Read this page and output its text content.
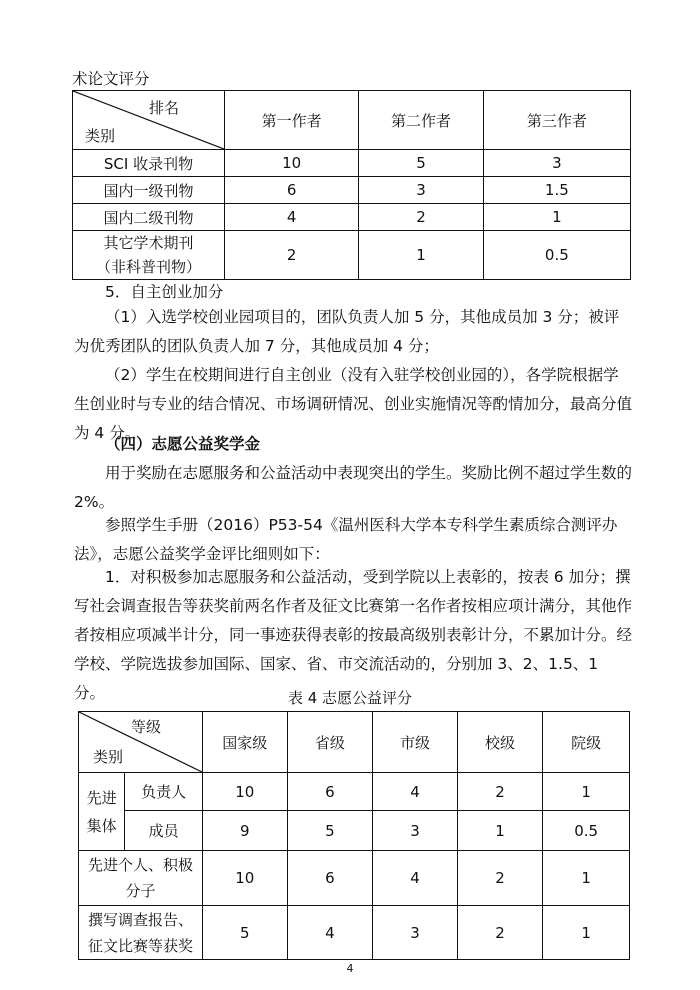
术论文评分
排名
类别	第一作者	第二作者	第三作者
SCI 收录刊物	10	5	3
国内一级刊物	6	3	1.5
国内二级刊物	4	2	1

其它学术期刊
（非科普刊物）	2	1	0.5
5．自主创业加分
（1）入选学校创业园项目的，团队负责人加 5 分，其他成员加 3 分；被评为优秀团队的团队负责人加 7 分，其他成员加 4 分；
（2）学生在校期间进行自主创业（没有入驻学校创业园的），各学院根据学生创业时与专业的结合情况、市场调研情况、创业实施情况等酌情加分，最高分值为 4 分。
（四）志愿公益奖学金
用于奖励在志愿服务和公益活动中表现突出的学生。奖励比例不超过学生数的 2%。
参照学生手册（2016）P53-54《温州医科大学本专科学生素质综合测评办法》，志愿公益奖学金评比细则如下：
1．对积极参加志愿服务和公益活动，受到学院以上表彰的，按表 6 加分；撰写社会调查报告等获奖前两名作者及征文比赛第一名作者按相应项计满分，其他作者按相应项减半计分，同一事迹获得表彰的按最高级别表彰计分，不累加计分。经学校、学院选拔参加国际、国家、省、市交流活动的，分别加 3、2、1.5、1 分。	表 4 志愿公益评分
等级
类别		国家级	省级	市级	校级	院级

先进
集体	负责人	10	6	4	2	1
	成员	9	5	3	1	0.5

先进个人、积极
分子		10	6	4	2	1

撰写调查报告、
征文比赛等获奖		5	4	3	2	1
4
